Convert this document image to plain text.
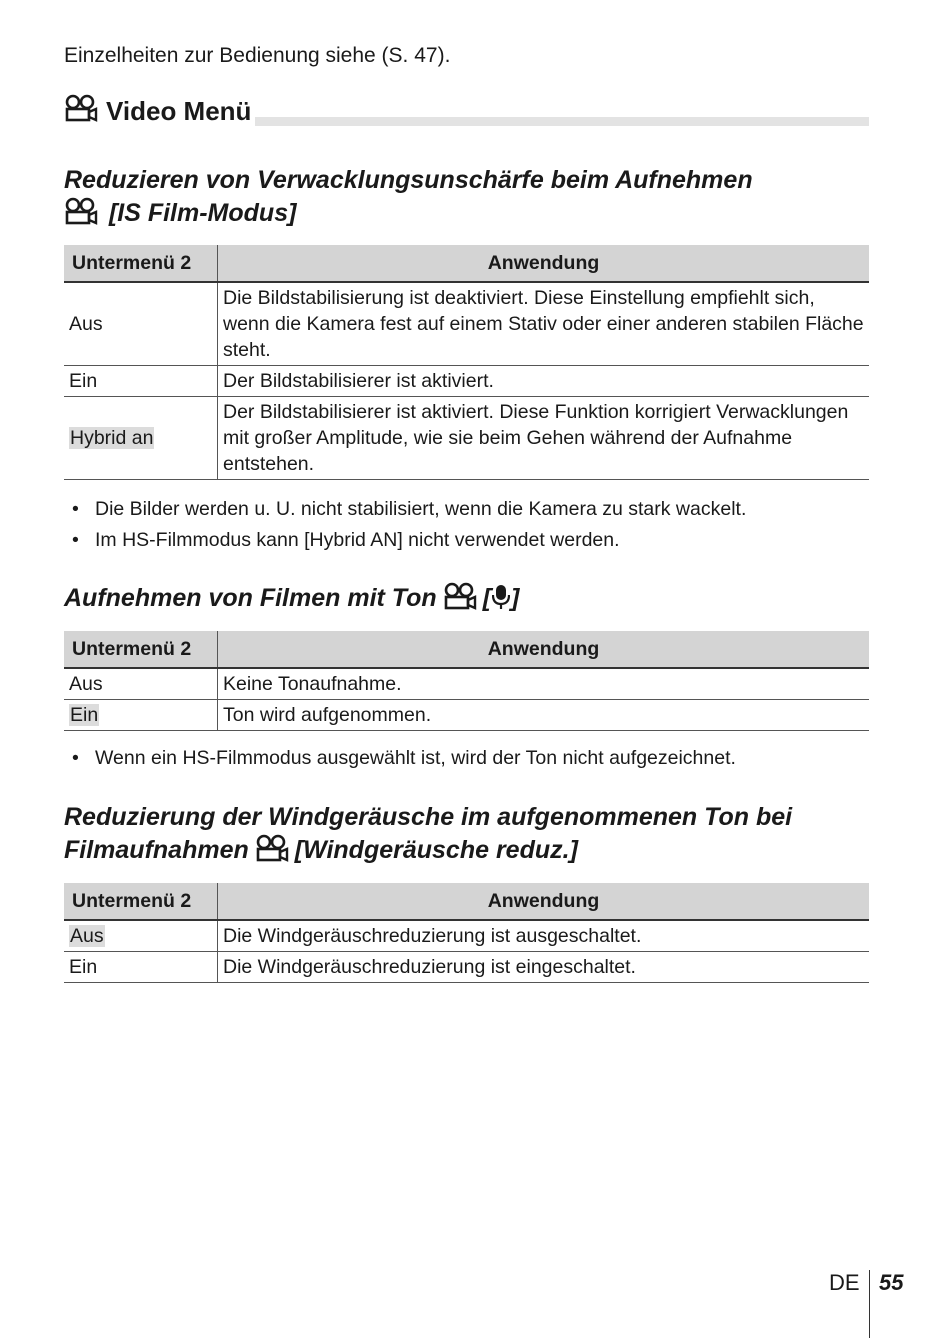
Einzelheiten zur Bedienung siehe (S. 47).
Video Menü
Reduzieren von Verwacklungsunschärfe beim Aufnehmen
[IS Film-Modus]
Untermenü 2	Anwendung
Aus	Die Bildstabilisierung ist deaktiviert. Diese Einstellung empfiehlt sich, wenn die Kamera fest auf einem Stativ oder einer anderen stabilen Fläche steht.
Ein	Der Bildstabilisierer ist aktiviert.
Hybrid an	Der Bildstabilisierer ist aktiviert. Diese Funktion korrigiert Verwacklungen mit großer Amplitude, wie sie beim Gehen während der Aufnahme entstehen.
• Die Bilder werden u. U. nicht stabilisiert, wenn die Kamera zu stark wackelt.
• Im HS-Filmmodus kann [Hybrid AN] nicht verwendet werden.
Aufnehmen von Filmen mit Ton [ ]
Untermenü 2	Anwendung
Aus	Keine Tonaufnahme.
Ein	Ton wird aufgenommen.
• Wenn ein HS-Filmmodus ausgewählt ist, wird der Ton nicht aufgezeichnet.
Reduzierung der Windgeräusche im aufgenommenen Ton bei
Filmaufnahmen [Windgeräusche reduz.]
Untermenü 2	Anwendung
Aus	Die Windgeräuschreduzierung ist ausgeschaltet.
Ein	Die Windgeräuschreduzierung ist eingeschaltet.
DE 55
